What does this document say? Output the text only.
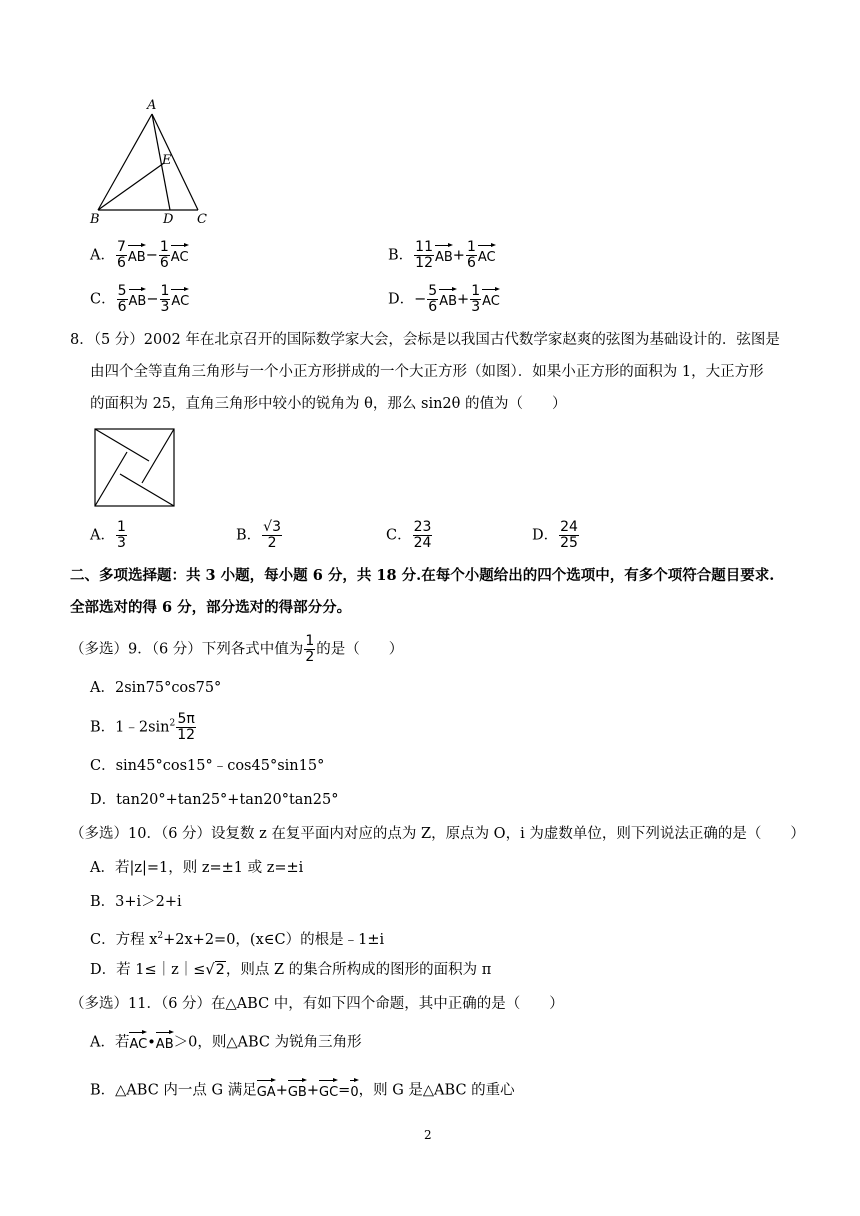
A
E
B	D C
A． $\frac{7}{6} AB- \frac{1}{6}$ AC	B． $\frac{11}{12} AB+ \frac{1}{6}$ AC
C． $\frac{5}{6} AB- \frac{1}{3}$ AC	D．− $\frac{5}{6} AB+ \frac{1}{3}$ AC
8．（5 分）2002 年在北京召开的国际数学家大会，会标是以我国古代数学家赵爽的弦图为基础设计的．弦图是
由四个全等直角三角形与一个小正方形拼成的一个大正方形（如图）．如果小正方形的面积为 1，大正方形
的面积为 25，直角三角形中较小的锐角为 θ，那么 sin2θ 的值为（　　）
A． $\frac{1}{3}$	B． $\frac{√3}{2}$	C． $\frac{23}{24}$	D． $\frac{24}{25}$
二、多项选择题：共 3 小题，每小题 6 分，共 18 分.在每个小题给出的四个选项中，有多个项符合题目要求.
全部选对的得 6 分，部分选对的得部分分。
（多选）9．（6 分）下列各式中值为 $\frac{1}{2}$ 的是（　　）
A．2sin75°cos75°
B．$1﹣2\sin^2 \frac{5\pi}{12}$
C．sin45°cos15°﹣cos45°sin15°
D．tan20°+tan25°+tan20°tan25°
（多选）10．（6 分）设复数 z 在复平面内对应的点为 Z，原点为 O，i 为虚数单位，则下列说法正确的是（　　）
A．若|z|=1，则 z=±1 或 z=±i
B．3+i＞2+i
C．方程 $x^2+2x+2=0$，(x∈C）的根是﹣1±i
D．若 1≤｜z｜≤√2，则点 Z 的集合所构成的图形的面积为 π
（多选）11．（6 分）在△ABC 中，有如下四个命题，其中正确的是（　　）
A．若AC•AB＞0，则△ABC 为锐角三角形
B．△ABC 内一点 G 满足GA+GB+GC=0，则 G 是△ABC 的重心
2
